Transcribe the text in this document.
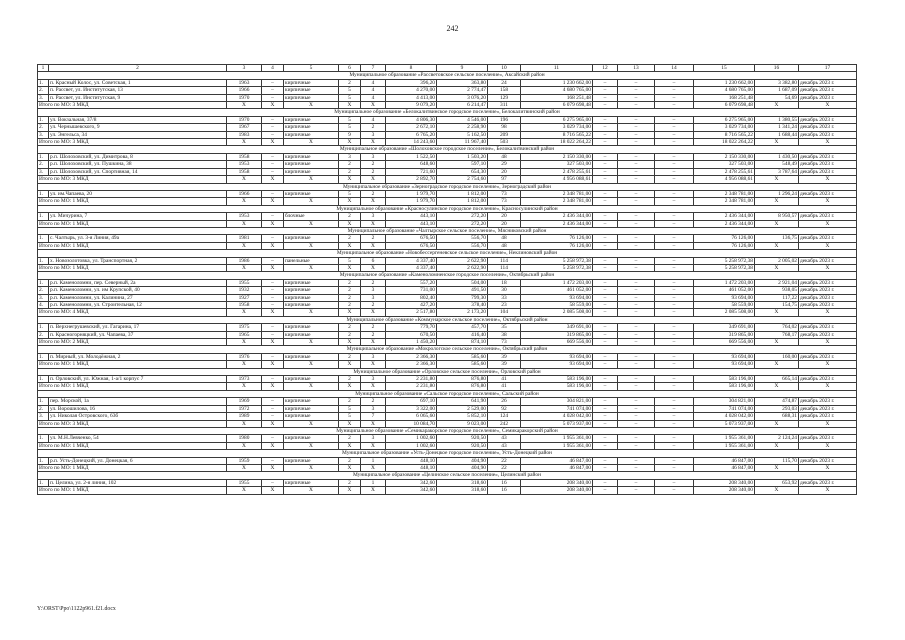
242
1	2	3	4	5	6	7	8	9	10	11	12	13	14	15	16	17
Муниципальное образование «Рассветовское сельское поселение», Аксайский район																
1.	п. Красный Колос, ул. Советская, 1	1963	–	кирпичные	2	4	396,20	363,80	24	1 230 662,00	–	–	–	1 230 662,00	3 382,80	декабрь 2023 г.
2.	п. Рассвет, ул. Институтская, 13	1966	–	кирпичные	5	4	4 270,00	2 774,47	158	4 680 765,00	–	–	–	4 680 765,00	1 687,09	декабрь 2023 г.
3.	п. Рассвет, ул. Институтская, 9	1970	–	кирпичные	5	4	4 413,00	3 076,20	129	168 251,48	–	–	–	168 251,48	54,69	декабрь 2023 г.
Итого по МО: 3 МКД		X	X	X	X	X	9 079,20	6 214,47	311	6 079 698,48	–	–	–	6 079 698,48	X	X
Муниципальное образование «Белокалитвинское городское поселение», Белокалитвинский район																
1.	ул. Вокзальная, 37/8	1970	–	кирпичные	5	4	4 806,30	4 546,00	196	6 275 965,00	–	–	–	6 275 965,00	1 380,55	декабрь 2023 г.
2.	ул. Чернышевского, 9	1967	–	кирпичные	5	2	2 672,10	2 258,90	98	3 029 734,00	–	–	–	3 029 734,00	1 341,24	декабрь 2023 г.
3.	ул. Энгельса, 34	1983	–	кирпичные	9	3	6 765,20	5 162,50	209	8 716 565,22	–	–	–	8 716 565,22	1 688,44	декабрь 2023 г.
Итого по МО: 3 МКД		X	X	X	X	X	14 243,60	11 967,40	503	18 022 264,22	–	–	–	18 022 264,22	X	X
Муниципальное образование «Шолоховское городское поселение», Белокалитвинский район																
1.	р.п. Шолоховский, ул. Димитрова, 8	1958	–	кирпичные	3	3	1 522,50	1 503,20	48	2 150 330,00	–	–	–	2 150 330,00	1 430,50	декабрь 2023 г.
2.	р.п. Шолоховский, ул. Пушкина, 38	1953	–	кирпичные	2	2	648,60	597,10	29	327 503,00	–	–	–	327 503,00	548,49	декабрь 2023 г.
3.	р.п. Шолоховский, ул. Спортивная, 14	1958	–	кирпичные	2	2	721,60	654,30	20	2 478 255,61	–	–	–	2 478 255,61	3 787,64	декабрь 2023 г.
Итого по МО: 3 МКД		X	X	X	X	X	2 892,70	2 754,60	97	4 956 088,61	–	–	–	4 956 088,61	X	X
Муниципальное образование «Зерноградское городское поселение», Зерноградский район																
1.	ул. им.Чапаева, 20	1966	–	кирпичные	5	2	1 979,70	1 812,00	73	2 348 781,00	–	–	–	2 348 781,00	1 296,24	декабрь 2023 г.
Итого по МО: 1 МКД		X	X	X	X	X	1 979,70	1 812,00	73	2 348 781,00	–	–	–	2 348 781,00	X	X
Муниципальное образование «Красносулинское городское поселение», Красносулинский район																
1.	ул. Мичурина, 7	1953	–	блочные	2	3	443,10	272,20	20	2 436 344,00	–	–	–	2 436 344,00	8 950,57	декабрь 2023 г.
Итого по МО: 1 МКД		X	X	X	X	X	443,10	272,20	20	2 436 344,00	–	–	–	2 436 344,00	X	X
Муниципальное образование «Чалтырское сельское поселение», Мясниковский район																
1.	с. Чалтырь, ул. 3-я Линия, 49а	1981	–	кирпичные	2	2	676,50	556,70	48	76 126,00	–	–	–	76 126,00	136,75	декабрь 2023 г.
Итого по МО: 1 МКД		X	X	X	X	X	676,50	556,70	48	76 126,00	–	–	–	76 126,00	X	X
Муниципальное образование «Новобессергеневское сельское поселение», Неклиновский район																
1.	х. Новозолотовка, ул. Транспортная, 2	1986	–	панельные	5	6	4 337,40	2 622,90	114	5 258 972,38	–	–	–	5 258 972,38	2 005,02	декабрь 2023 г.
Итого по МО: 1 МКД		X	X	X	X	X	4 337,40	2 622,90	114	5 258 972,38	–	–	–	5 258 972,38	X	X
Муниципальное образование «Каменоломненское городское поселение», Октябрьский район																
1.	р.п. Каменоломни, пер. Северный, 2а	1955	–	кирпичные	2	2	557,20	504,00	18	1 472 203,00	–	–	–	1 472 203,00	2 921,04	декабрь 2023 г.
2.	р.п. Каменоломни, ул. им Крупской, 40	1932	–	кирпичные	2	3	731,00	491,50	30	461 052,00	–	–	–	461 052,00	938,05	декабрь 2023 г.
3.	р.п. Каменоломни, ул. Калинина, 27	1927	–	кирпичные	2	3	802,40	799,30	33	93 694,00	–	–	–	93 694,00	117,22	декабрь 2023 г.
4.	р.п. Каменоломни, ул. Строительная, 12	1958	–	кирпичные	2	2	427,20	378,40	23	58 559,00	–	–	–	58 559,00	154,75	декабрь 2023 г.
Итого по МО: 4 МКД		X	X	X	X	X	2 517,80	2 173,20	104	2 085 508,00	–	–	–	2 085 508,00	X	X
Муниципальное образование «Коммунарское сельское поселение», Октябрьский район																
1.	п. Верхнегрушевский, ул. Гагарина, 17	1975	–	кирпичные	2	2	779,70	457,70	35	349 691,00	–	–	–	349 691,00	764,02	декабрь 2023 г.
2.	п. Красногорняцкий, ул. Чапаева, 37	1965	–	кирпичные	2	2	670,50	416,40	38	319 865,00	–	–	–	319 865,00	768,17	декабрь 2023 г.
Итого по МО: 2 МКД		X	X	X	X	X	1 450,20	874,10	73	669 556,00	–	–	–	669 556,00	X	X
Муниципальное образование «Мокрологское сельское поселение», Октябрьский район																
1.	п. Мирный, ул. Молодёжная, 2	1976	–	кирпичные	2	3	2 366,30	585,60	39	93 694,00	–	–	–	93 694,00	160,00	декабрь 2023 г.
Итого по МО: 1 МКД		X	X	X	X	X	2 366,30	585,60	39	93 694,00	–	–	–	93 694,00	X	X
Муниципальное образование «Орловское сельское поселение», Орловский район																
1.	п. Орловский, ул. Южная, 1-а/1 корпус 7	1973	–	кирпичные	2	3	2 231,80	876,80	41	583 196,00	–	–	–	583 196,00	665,14	декабрь 2023 г.
Итого по МО: 1 МКД		X	X	X	X	X	2 231,80	876,80	41	583 196,00	–	–	–	583 196,00	X	X
Муниципальное образование «Сальское городское поселение», Сальский район																
1.	пер. Морской, 1а	1969	–	кирпичные	2	2	697,10	641,90	26	304 821,00	–	–	–	304 821,00	474,87	декабрь 2023 г.
2.	ул. Ворошилова, 16	1972	–	кирпичные	5	3	3 322,00	2 529,00	92	741 074,00	–	–	–	741 074,00	293,03	декабрь 2023 г.
3.	ул. Николая Островского, 63б	1989	–	кирпичные	5	7	6 065,60	5 852,10	124	4 028 042,00	–	–	–	4 028 042,00	688,31	декабрь 2023 г.
Итого по МО: 3 МКД		X	X	X	X	X	10 084,70	9 023,00	242	5 073 937,00	–	–	–	5 073 937,00	X	X
Муниципальное образование «Семикаракорское городское поселение», Семикаракорский район																
1.	ул. М.Н.Левченко, 54	1980	–	кирпичные	2	3	1 002,60	920,50	43	1 955 361,00	–	–	–	1 955 361,00	2 124,24	декабрь 2023 г.
Итого по МО: 1 МКД		X	X	X	X	X	1 002,60	920,50	43	1 955 361,00	–	–	–	1 955 361,00	X	X
Муниципальное образование «Усть-Донецкое городское поселение», Усть-Донецкий район																
1.	р.п. Усть-Донецкий, ул. Донецкая, 6	1959	–	кирпичные	2	1	448,10	404,90	22	46 847,00	–	–	–	46 847,00	115,70	декабрь 2023 г.
Итого по МО: 1 МКД		X	X	X	X	X	448,10	404,90	22	46 847,00	–	–	–	46 847,00	X	X
Муниципальное образование «Целинское сельское поселение», Целинский район																
1.	п. Целина, ул. 2-я линия, 102	1955	–	кирпичные	2	1	342,60	318,60	16	208 340,00	–	–	–	208 340,00	653,92	декабрь 2023 г.
Итого по МО: 1 МКД		X	X	X	X	X	342,60	318,60	16	208 340,00	–	–	–	208 340,00	X	X
Y:\ORST\Ppo\1122p961.f21.docx
